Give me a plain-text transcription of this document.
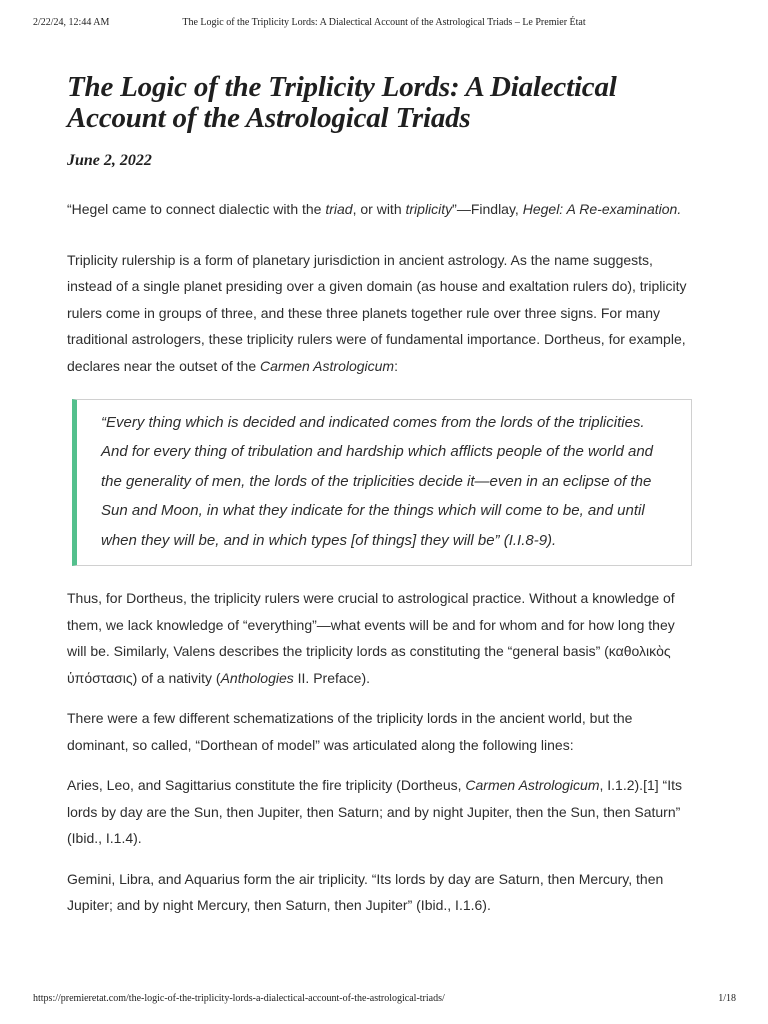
2/22/24, 12:44 AM	The Logic of the Triplicity Lords: A Dialectical Account of the Astrological Triads – Le Premier État
The Logic of the Triplicity Lords: A Dialectical Account of the Astrological Triads
June 2, 2022

“Hegel came to connect dialectic with the triad, or with triplicity”—Findlay, Hegel: A Re-examination.

Triplicity rulership is a form of planetary jurisdiction in ancient astrology. As the name suggests, instead of a single planet presiding over a given domain (as house and exaltation rulers do), triplicity rulers come in groups of three, and these three planets together rule over three signs. For many traditional astrologers, these triplicity rulers were of fundamental importance. Dortheus, for example, declares near the outset of the Carmen Astrologicum:

“Every thing which is decided and indicated comes from the lords of the triplicities. And for every thing of tribulation and hardship which afflicts people of the world and the generality of men, the lords of the triplicities decide it—even in an eclipse of the Sun and Moon, in what they indicate for the things which will come to be, and until when they will be, and in which types [of things] they will be” (I.I.8-9).

Thus, for Dortheus, the triplicity rulers were crucial to astrological practice. Without a knowledge of them, we lack knowledge of “everything”—what events will be and for whom and for how long they will be. Similarly, Valens describes the triplicity lords as constituting the “general basis” (καθολικὸς ὑπόστασις) of a nativity (Anthologies II. Preface).

There were a few different schematizations of the triplicity lords in the ancient world, but the dominant, so called, “Dorthean of model” was articulated along the following lines:

Aries, Leo, and Sagittarius constitute the fire triplicity (Dortheus, Carmen Astrologicum, I.1.2).[1] “Its lords by day are the Sun, then Jupiter, then Saturn; and by night Jupiter, then the Sun, then Saturn” (Ibid., I.1.4).

Gemini, Libra, and Aquarius form the air triplicity. “Its lords by day are Saturn, then Mercury, then Jupiter; and by night Mercury, then Saturn, then Jupiter” (Ibid., I.1.6).

https://premieretat.com/the-logic-of-the-triplicity-lords-a-dialectical-account-of-the-astrological-triads/	1/18
